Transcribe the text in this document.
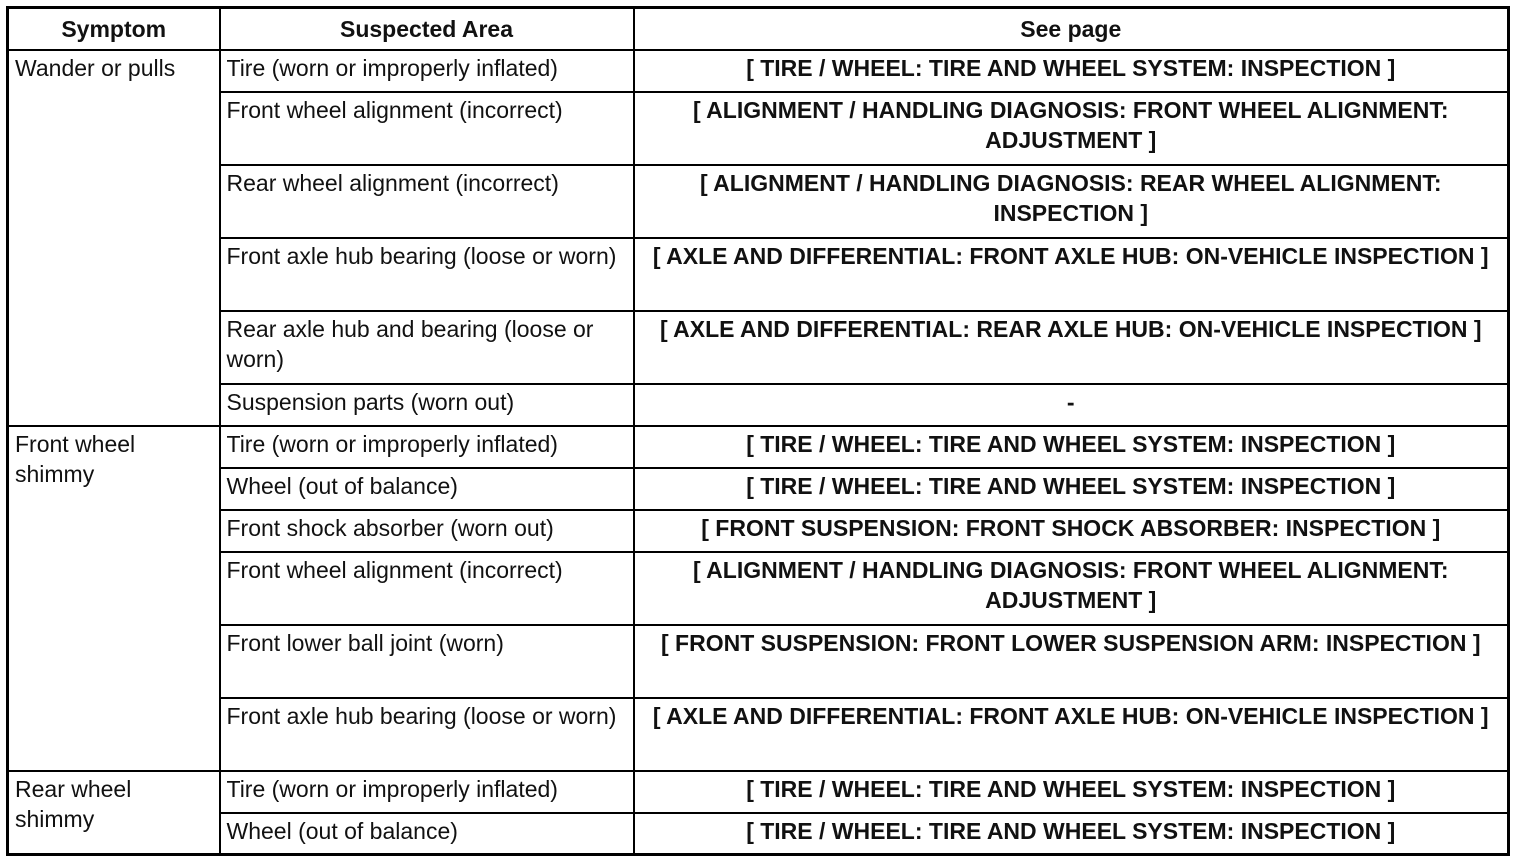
Symptom	Suspected Area	See page
Wander or pulls	Tire (worn or improperly inflated)	[ TIRE / WHEEL: TIRE AND WHEEL SYSTEM: INSPECTION ]
	Front wheel alignment (incorrect)	[ ALIGNMENT / HANDLING DIAGNOSIS: FRONT WHEEL ALIGNMENT: ADJUSTMENT ]
	Rear wheel alignment (incorrect)	[ ALIGNMENT / HANDLING DIAGNOSIS: REAR WHEEL ALIGNMENT: INSPECTION ]
	Front axle hub bearing (loose or worn)	[ AXLE AND DIFFERENTIAL: FRONT AXLE HUB: ON-VEHICLE INSPECTION ]
	Rear axle hub and bearing (loose or worn)	[ AXLE AND DIFFERENTIAL: REAR AXLE HUB: ON-VEHICLE INSPECTION ]
	Suspension parts (worn out)	-
Front wheel shimmy	Tire (worn or improperly inflated)	[ TIRE / WHEEL: TIRE AND WHEEL SYSTEM: INSPECTION ]
	Wheel (out of balance)	[ TIRE / WHEEL: TIRE AND WHEEL SYSTEM: INSPECTION ]
	Front shock absorber (worn out)	[ FRONT SUSPENSION: FRONT SHOCK ABSORBER: INSPECTION ]
	Front wheel alignment (incorrect)	[ ALIGNMENT / HANDLING DIAGNOSIS: FRONT WHEEL ALIGNMENT: ADJUSTMENT ]
	Front lower ball joint (worn)	[ FRONT SUSPENSION: FRONT LOWER SUSPENSION ARM: INSPECTION ]
	Front axle hub bearing (loose or worn)	[ AXLE AND DIFFERENTIAL: FRONT AXLE HUB: ON-VEHICLE INSPECTION ]
Rear wheel shimmy	Tire (worn or improperly inflated)	[ TIRE / WHEEL: TIRE AND WHEEL SYSTEM: INSPECTION ]
	Wheel (out of balance)	[ TIRE / WHEEL: TIRE AND WHEEL SYSTEM: INSPECTION ]
